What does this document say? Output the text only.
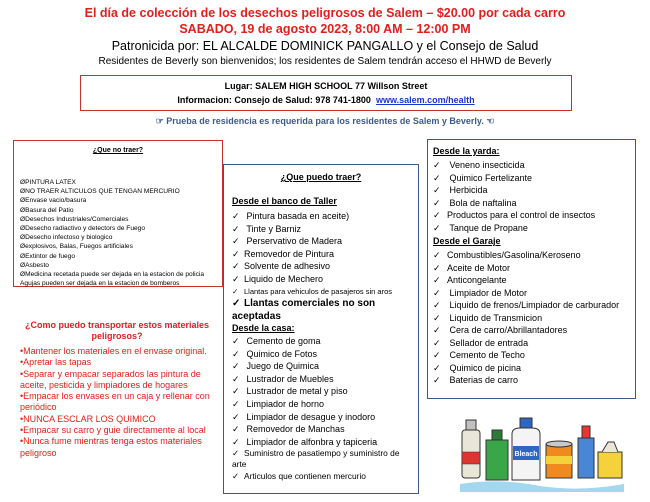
El día de colección de los desechos peligrosos de Salem – $20.00 por cada carro
SABADO, 19 de agosto 2023, 8:00 AM – 12:00 PM
Patronicida por: EL ALCALDE DOMINICK PANGALLO y el Consejo de Salud
Residentes de Beverly son bienvenidos; los residentes de Salem tendrán acceso el HHWD de Beverly
Lugar: SALEM HIGH SCHOOL 77 Willson Street
Informacion: Consejo de Salud: 978 741-1800 www.salem.com/health
☞ Prueba de residencia es requerida para los residentes de Salem y Beverly. ☜
¿Que no traer?
ØPINTURA LATEX
ØNO TRAER ALTICULOS QUE TENGAN MERCURIO
ØEnvase vacio/basura
ØBasura del Patio
ØDesechos Industriales/Comerciales
ØDesecho radiactivo y detectors de Fuego
ØDesecho infectoso y biologico
Øexplosivos, Balas, Fuegos artificiales
ØExtintor de fuego
ØAsbesto
ØMedicina recetada puede ser dejada en la estacion de policia
Agujas pueden ser dejada en la estacion de bomberos
¿Como puedo transportar estos materiales peligrosos?
•Mantener los materiales en el envase original.
•Apretar las tapas
•Separar y empacar separados las pintura de aceite, pesticida y limpiadores de hogares
•Empacar los envases en un caja y rellenar con periódico
•NUNCA ESCLAR LOS QUIMICO
•Empacar su carro y guie directamente al local
•Nunca fume mientras tenga estos materiales peligroso
¿Que puedo traer?
Desde el banco de Taller
✓ Pintura basada en aceite)
✓ Tinte y Barniz
✓ Perservativo de Madera
✓ Removedor de Pintura
✓ Solvente de adhesivo
✓ Liquido de Mechero
✓ Llantas para vehiculos de pasajeros sin aros
✓ Llantas comerciales no son aceptadas
Desde la casa:
✓ Cemento de goma
✓ Quimico de Fotos
✓ Juego de Quimica
✓ Lustrador de Muebles
✓ Lustrador de metal y piso
✓ Limpiador de horno
✓ Limpiador de desague y inodoro
✓ Removedor de Manchas
✓ Limpiador de alfonbra y tapiceria
✓ Suministro de pasatiempo y suministro de arte
✓ Articulos que contienen mercurio
Desde la yarda:
✓ Veneno insecticida
✓ Quimico Fertelizante
✓ Herbicida
✓ Bola de naftalina
✓ Productos para el control de insectos
✓ Tanque de Propane
Desde el Garaje
✓ Combustibles/Gasolina/Keroseno
✓ Aceite de Motor
✓ Anticongelante
✓ Limpiador de Motor
✓ Liquido de frenos/Limpiador de carburador
✓ Liquido de Transmicion
✓ Cera de carro/Abrillantadores
✓ Sellador de entrada
✓ Cemento de Techo
✓ Quimico de picina
✓ Baterias de carro
Bleach
